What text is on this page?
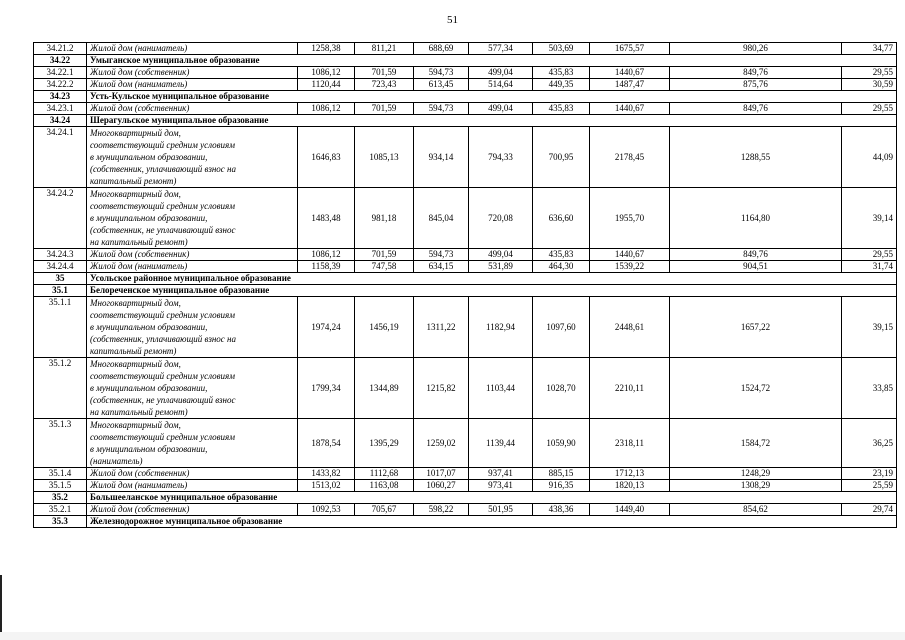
51
34.21.2	Жилой дом (наниматель)	1258,38	811,21	688,69	577,34	503,69	1675,57	980,26	34,77
34.22	Умыганское муниципальное образование								
34.22.1	Жилой дом (собственник)	1086,12	701,59	594,73	499,04	435,83	1440,67	849,76	29,55
34.22.2	Жилой дом (наниматель)	1120,44	723,43	613,45	514,64	449,35	1487,47	875,76	30,59
34.23	Усть-Кульское муниципальное образование								
34.23.1	Жилой дом (собственник)	1086,12	701,59	594,73	499,04	435,83	1440,67	849,76	29,55
34.24	Шерагульское муниципальное образование								
34.24.1	Многоквартирный дом,
соответствующий средним условиям
в муниципальном образовании,
(собственник, уплачивающий взнос на
капитальный ремонт)	1646,83	1085,13	934,14	794,33	700,95	2178,45	1288,55	44,09
34.24.2	Многоквартирный дом,
соответствующий средним условиям
в муниципальном образовании,
(собственник, не уплачивающий взнос
на капитальный ремонт)	1483,48	981,18	845,04	720,08	636,60	1955,70	1164,80	39,14
34.24.3	Жилой дом (собственник)	1086,12	701,59	594,73	499,04	435,83	1440,67	849,76	29,55
34.24.4	Жилой дом (наниматель)	1158,39	747,58	634,15	531,89	464,30	1539,22	904,51	31,74
35	Усольское районное муниципальное образование								
35.1	Белореченское муниципальное образование								
35.1.1	Многоквартирный дом,
соответствующий средним условиям
в муниципальном образовании,
(собственник, уплачивающий взнос на
капитальный ремонт)	1974,24	1456,19	1311,22	1182,94	1097,60	2448,61	1657,22	39,15
35.1.2	Многоквартирный дом,
соответствующий средним условиям
в муниципальном образовании,
(собственник, не уплачивающий взнос
на капитальный ремонт)	1799,34	1344,89	1215,82	1103,44	1028,70	2210,11	1524,72	33,85
35.1.3	Многоквартирный дом,
соответствующий средним условиям
в муниципальном образовании,
(наниматель)	1878,54	1395,29	1259,02	1139,44	1059,90	2318,11	1584,72	36,25
35.1.4	Жилой дом (собственник)	1433,82	1112,68	1017,07	937,41	885,15	1712,13	1248,29	23,19
35.1.5	Жилой дом (наниматель)	1513,02	1163,08	1060,27	973,41	916,35	1820,13	1308,29	25,59
35.2	Большееланское муниципальное образование								
35.2.1	Жилой дом (собственник)	1092,53	705,67	598,22	501,95	438,36	1449,40	854,62	29,74
35.3	Железнодорожное муниципальное образование								
